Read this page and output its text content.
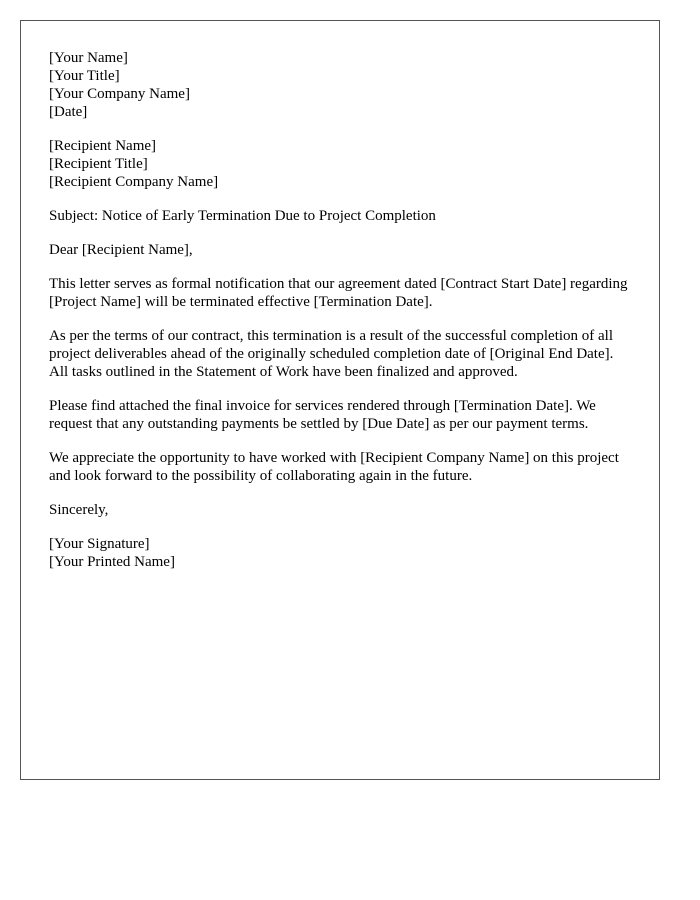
[Your Name]
[Your Title]
[Your Company Name]
[Date]
[Recipient Name]
[Recipient Title]
[Recipient Company Name]

Subject: Notice of Early Termination Due to Project Completion

Dear [Recipient Name],

This letter serves as formal notification that our agreement dated [Contract Start Date] regarding [Project Name] will be terminated effective [Termination Date].

As per the terms of our contract, this termination is a result of the successful completion of all project deliverables ahead of the originally scheduled completion date of [Original End Date]. All tasks outlined in the Statement of Work have been finalized and approved.

Please find attached the final invoice for services rendered through [Termination Date]. We request that any outstanding payments be settled by [Due Date] as per our payment terms.

We appreciate the opportunity to have worked with [Recipient Company Name] on this project and look forward to the possibility of collaborating again in the future.

Sincerely,

[Your Signature]
[Your Printed Name]
